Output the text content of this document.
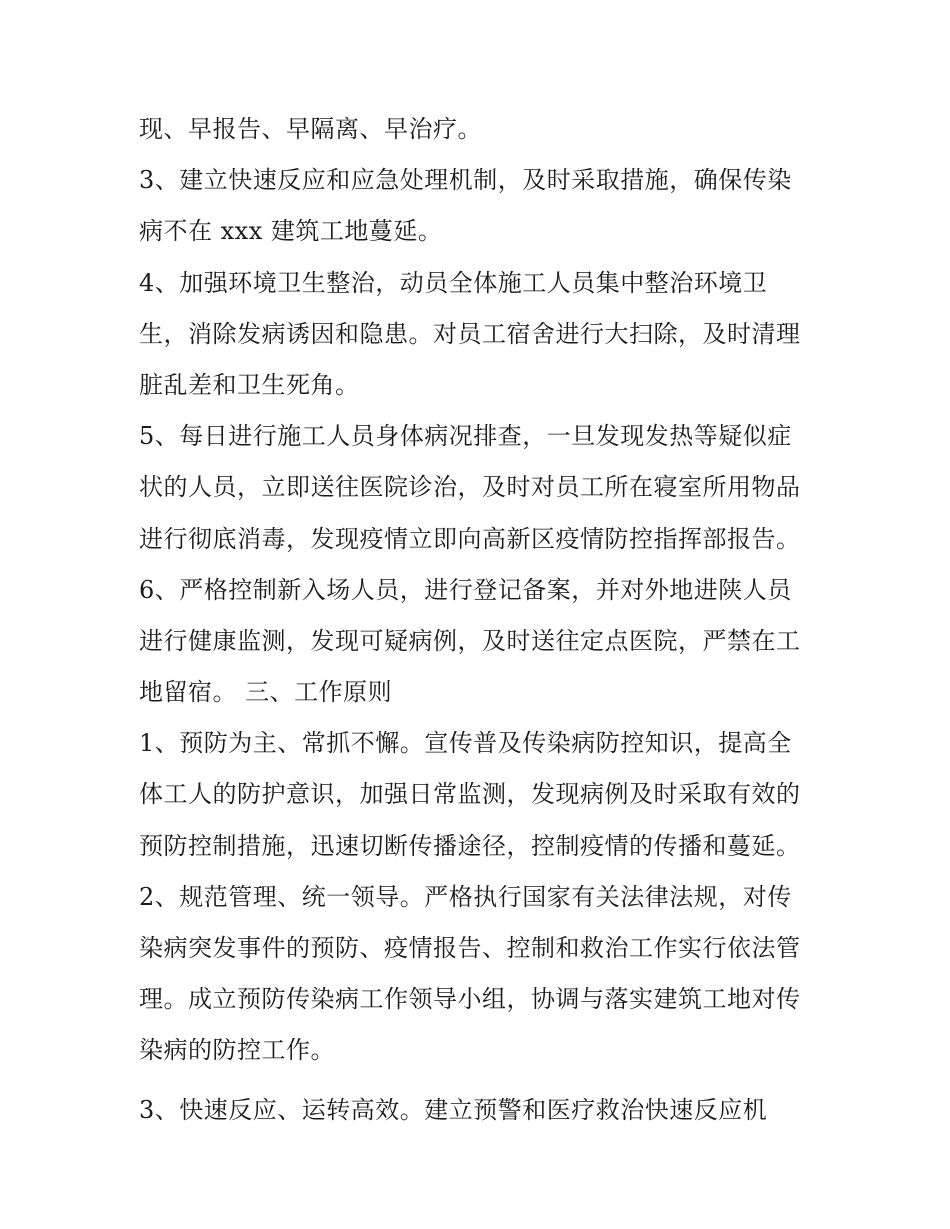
现、早报告、早隔离、早治疗。
3、建立快速反应和应急处理机制，及时采取措施，确保传染
病不在 xxx 建筑工地蔓延。
4、加强环境卫生整治，动员全体施工人员集中整治环境卫
生，消除发病诱因和隐患。对员工宿舍进行大扫除，及时清理
脏乱差和卫生死角。
5、每日进行施工人员身体病况排查，一旦发现发热等疑似症
状的人员，立即送往医院诊治，及时对员工所在寝室所用物品
进行彻底消毒，发现疫情立即向高新区疫情防控指挥部报告。
6、严格控制新入场人员，进行登记备案，并对外地进陕人员
进行健康监测，发现可疑病例，及时送往定点医院，严禁在工
地留宿。 三、工作原则
1、预防为主、常抓不懈。宣传普及传染病防控知识，提高全
体工人的防护意识，加强日常监测，发现病例及时采取有效的
预防控制措施，迅速切断传播途径，控制疫情的传播和蔓延。
2、规范管理、统一领导。严格执行国家有关法律法规，对传
染病突发事件的预防、疫情报告、控制和救治工作实行依法管
理。成立预防传染病工作领导小组，协调与落实建筑工地对传
染病的防控工作。
3、快速反应、运转高效。建立预警和医疗救治快速反应机
